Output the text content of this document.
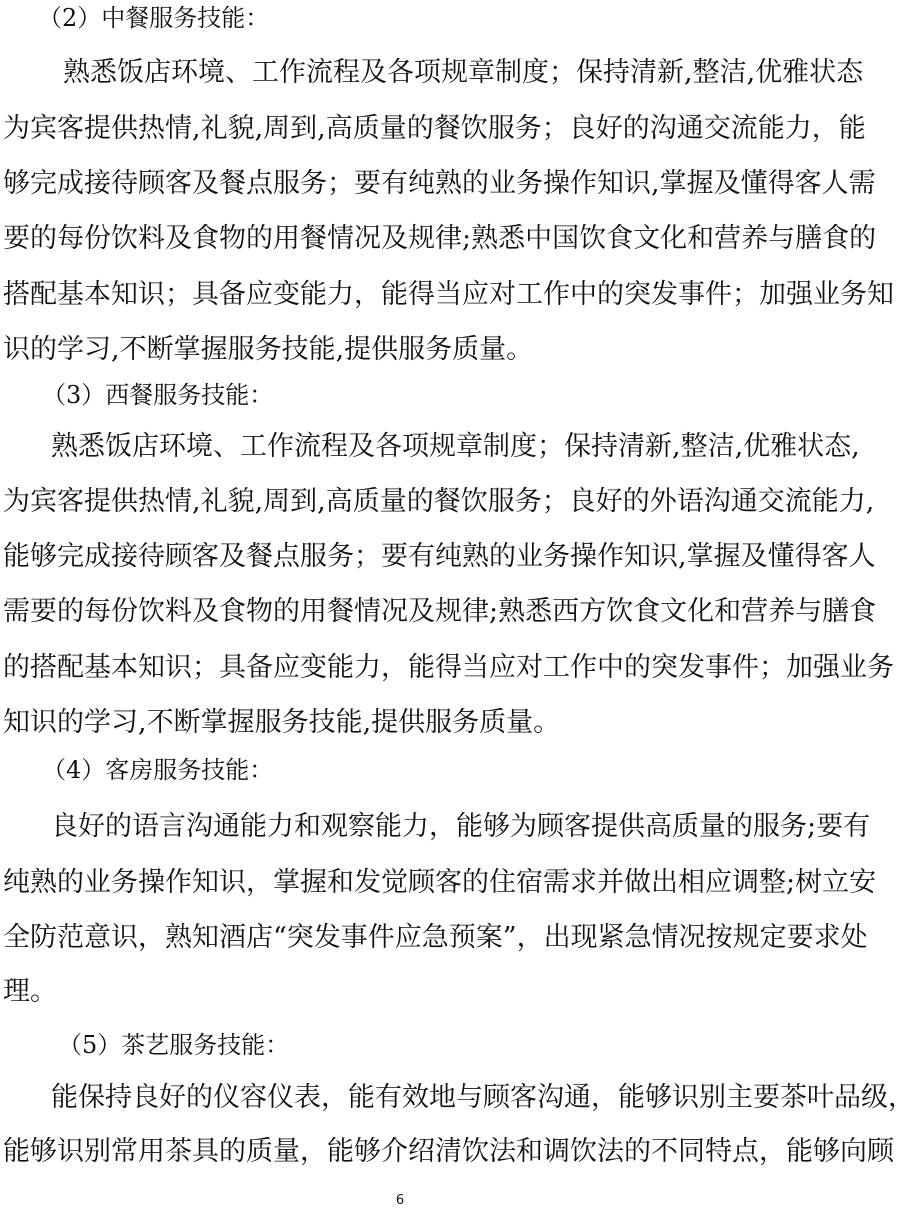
（2）中餐服务技能：
熟悉饭店环境、工作流程及各项规章制度；保持清新,整洁,优雅状态
为宾客提供热情,礼貌,周到,高质量的餐饮服务；良好的沟通交流能力，能
够完成接待顾客及餐点服务；要有纯熟的业务操作知识,掌握及懂得客人需
要的每份饮料及食物的用餐情况及规律;熟悉中国饮食文化和营养与膳食的
搭配基本知识；具备应变能力，能得当应对工作中的突发事件；加强业务知
识的学习,不断掌握服务技能,提供服务质量。
（3）西餐服务技能：
熟悉饭店环境、工作流程及各项规章制度；保持清新,整洁,优雅状态,
为宾客提供热情,礼貌,周到,高质量的餐饮服务；良好的外语沟通交流能力,
能够完成接待顾客及餐点服务；要有纯熟的业务操作知识,掌握及懂得客人
需要的每份饮料及食物的用餐情况及规律;熟悉西方饮食文化和营养与膳食
的搭配基本知识；具备应变能力，能得当应对工作中的突发事件；加强业务
知识的学习,不断掌握服务技能,提供服务质量。
（4）客房服务技能：
良好的语言沟通能力和观察能力，能够为顾客提供高质量的服务;要有
纯熟的业务操作知识，掌握和发觉顾客的住宿需求并做出相应调整;树立安
全防范意识，熟知酒店“突发事件应急预案”，出现紧急情况按规定要求处
理。
（5）茶艺服务技能：
能保持良好的仪容仪表，能有效地与顾客沟通，能够识别主要茶叶品级，
能够识别常用茶具的质量，能够介绍清饮法和调饮法的不同特点，能够向顾
6
